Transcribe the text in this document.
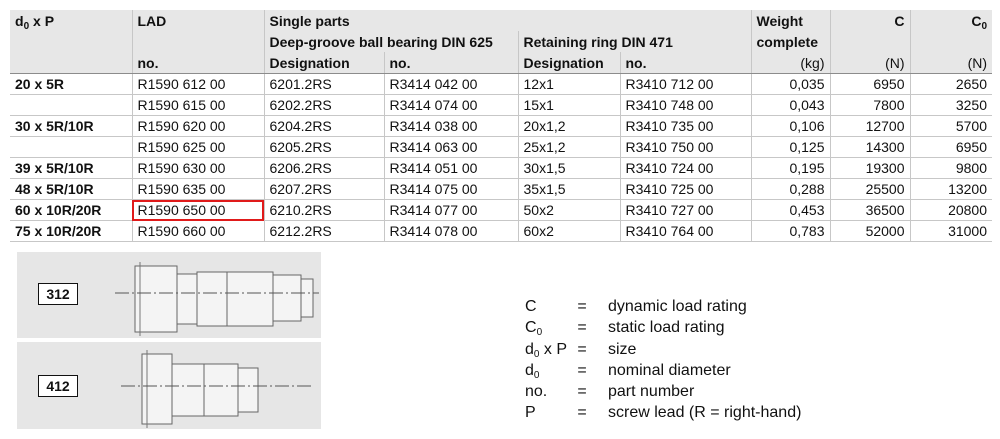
$d_0$ x P	LAD	Single parts				Weight	C	$C_0$
		Deep-groove ball bearing DIN 625		Retaining ring DIN 471		complete		
	no.	Designation	no.	Designation	no.	(kg)	(N)	(N)
20 x 5R	R1590 612 00	6201.2RS	R3414 042 00	12x1	R3410 712 00	0,035	6950	2650
	R1590 615 00	6202.2RS	R3414 074 00	15x1	R3410 748 00	0,043	7800	3250
30 x 5R/10R	R1590 620 00	6204.2RS	R3414 038 00	20x1,2	R3410 735 00	0,106	12700	5700
	R1590 625 00	6205.2RS	R3414 063 00	25x1,2	R3410 750 00	0,125	14300	6950
39 x 5R/10R	R1590 630 00	6206.2RS	R3414 051 00	30x1,5	R3410 724 00	0,195	19300	9800
48 x 5R/10R	R1590 635 00	6207.2RS	R3414 075 00	35x1,5	R3410 725 00	0,288	25500	13200
60 x 10R/20R	R1590 650 00	6210.2RS	R3414 077 00	50x2	R3410 727 00	0,453	36500	20800
75 x 10R/20R	R1590 660 00	6212.2RS	R3414 078 00	60x2	R3410 764 00	0,783	52000	31000
312
412
C	=	dynamic load rating
$C_0$	=	static load rating
$d_0$ x P =	size
$d_0$	=	nominal diameter
no.	=	part number
P	=	screw lead (R = right-hand)
